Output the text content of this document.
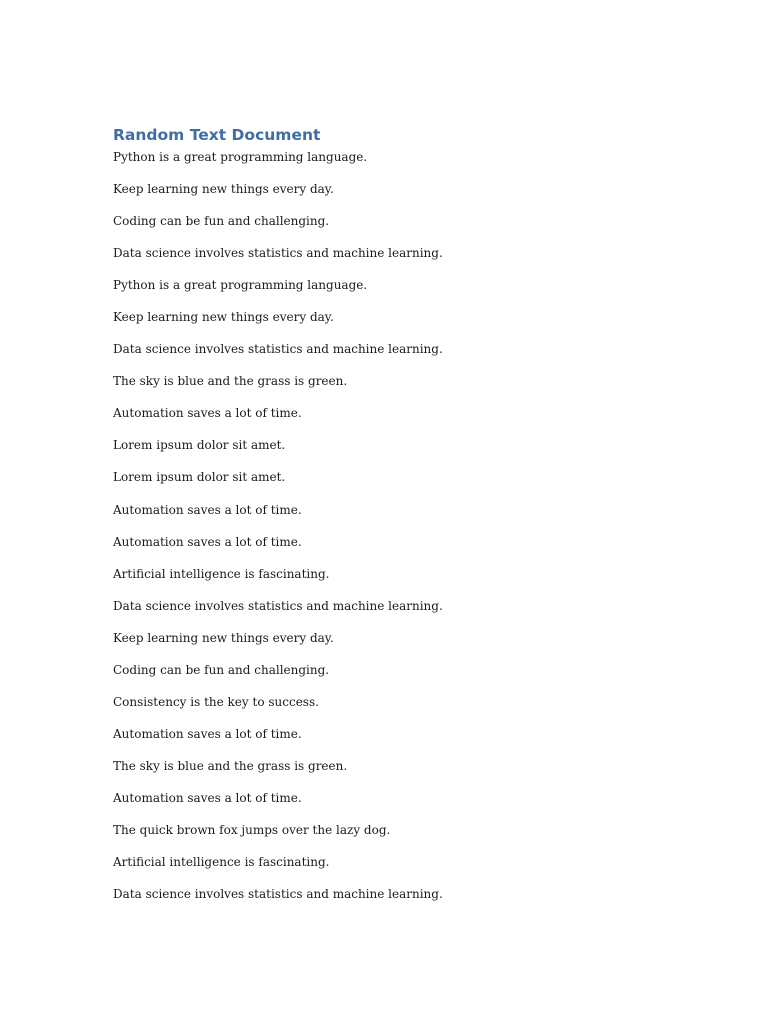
Random Text Document
Python is a great programming language.
Keep learning new things every day.
Coding can be fun and challenging.
Data science involves statistics and machine learning.
Python is a great programming language.
Keep learning new things every day.
Data science involves statistics and machine learning.
The sky is blue and the grass is green.
Automation saves a lot of time.
Lorem ipsum dolor sit amet.
Lorem ipsum dolor sit amet.
Automation saves a lot of time.
Automation saves a lot of time.
Artificial intelligence is fascinating.
Data science involves statistics and machine learning.
Keep learning new things every day.
Coding can be fun and challenging.
Consistency is the key to success.
Automation saves a lot of time.
The sky is blue and the grass is green.
Automation saves a lot of time.
The quick brown fox jumps over the lazy dog.
Artificial intelligence is fascinating.
Data science involves statistics and machine learning.
